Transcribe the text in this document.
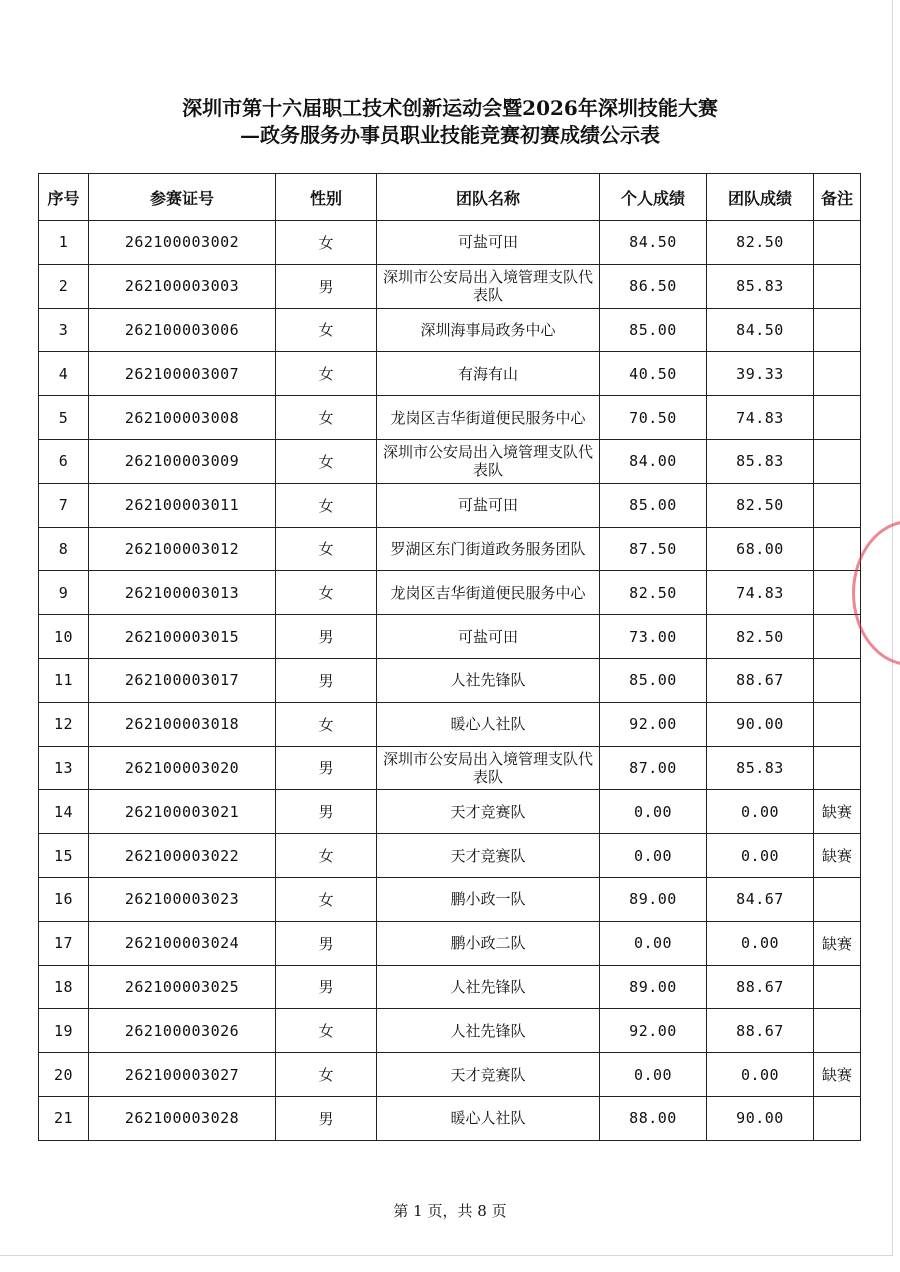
深圳市第十六届职工技术创新运动会暨2026年深圳技能大赛
—政务服务办事员职业技能竞赛初赛成绩公示表
序号	参赛证号	性别	团队名称	个人成绩	团队成绩	备注
1	262100003002	女	可盐可田	84.50	82.50	
2	262100003003	男	深圳市公安局出入境管理支队代表队	86.50	85.83	
3	262100003006	女	深圳海事局政务中心	85.00	84.50	
4	262100003007	女	有海有山	40.50	39.33	
5	262100003008	女	龙岗区吉华街道便民服务中心	70.50	74.83	
6	262100003009	女	深圳市公安局出入境管理支队代表队	84.00	85.83	
7	262100003011	女	可盐可田	85.00	82.50	
8	262100003012	女	罗湖区东门街道政务服务团队	87.50	68.00	
9	262100003013	女	龙岗区吉华街道便民服务中心	82.50	74.83	
10	262100003015	男	可盐可田	73.00	82.50	
11	262100003017	男	人社先锋队	85.00	88.67	
12	262100003018	女	暖心人社队	92.00	90.00	
13	262100003020	男	深圳市公安局出入境管理支队代表队	87.00	85.83	
14	262100003021	男	天才竞赛队	0.00	0.00	缺赛
15	262100003022	女	天才竞赛队	0.00	0.00	缺赛
16	262100003023	女	鹏小政一队	89.00	84.67	
17	262100003024	男	鹏小政二队	0.00	0.00	缺赛
18	262100003025	男	人社先锋队	89.00	88.67	
19	262100003026	女	人社先锋队	92.00	88.67	
20	262100003027	女	天才竞赛队	0.00	0.00	缺赛
21	262100003028	男	暖心人社队	88.00	90.00	
第 1 页，共 8 页
